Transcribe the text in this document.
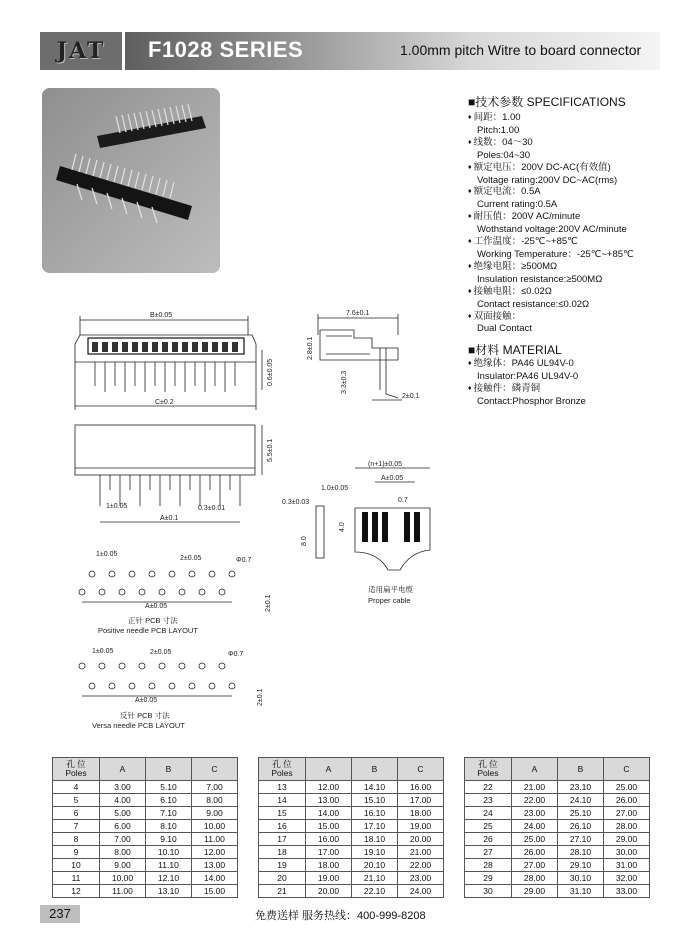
JAT F1028 SERIES	1.00mm pitch Witre to board connector
■技术参数 SPECIFICATIONS
♦ 间距：1.00
Pitch:1.00
♦ 线数：04～30
Poles:04~30
♦ 额定电压：200V DC-AC(有效值)
Voltage rating:200V DC~AC(rms)
♦ 额定电流：0.5A
Current rating:0.5A
♦ 耐压值：200V AC/minute
Wothstand voltage:200V AC/minute
♦ 工作温度：-25℃~+85℃
Working Temperature：-25℃~+85℃
♦ 绝缘电阻：≥500MΩ
Insulation resistance:≥500MΩ
♦ 接触电阻：≤0.02Ω
Contact resistance:≤0.02Ω
♦ 双面接触：
Dual Contact
■材料 MATERIAL
♦ 绝缘体：PA46 UL94V-0
Insulator:PA46 UL94V-0
♦ 接触件：磷青铜
Contact:Phosphor Bronze
B±0.05
C±0.2
0.6±0.05
7.6±0.1
2.8±0.1
3.3±0.3
2±0.1
5.5±0.1
1±0.05	0.3±0.01
A±0.1
(n+1)±0.05
A±0.05
1.0±0.05
0.7
0.3±0.03
8.0
4.0
适用扁平电缆
Proper cable
1±0.05
2±0.05	Φ0.7
A±0.05	2±0.1
正针 PCB 寸法
Positive needle PCB LAYOUT
1±0.05	2±0.05	Φ0.7
A±0.05	2±0.1
反针 PCB 寸法
Versa needle PCB LAYOUT
孔 位
Poles	A	B	C
4	3.00	5.10	7.00
5	4.00	6.10	8.00
6	5.00	7.10	9.00
7	6.00	8.10	10.00
8	7.00	9.10	11.00
9	8.00	10.10	12.00
10	9.00	11.10	13.00
11	10.00	12.10	14.00
12	11.00	13.10	15.00
孔 位
Poles	A	B	C
13	12.00	14.10	16.00
14	13.00	15.10	17.00
15	14.00	16.10	18.00
16	15.00	17.10	19.00
17	16.00	18.10	20.00
18	17.00	19.10	21.00
19	18.00	20.10	22.00
20	19.00	21.10	23.00
21	20.00	22.10	24.00
孔 位
Poles	A	B	C
22	21.00	23.10	25.00
23	22.00	24.10	26.00
24	23.00	25.10	27.00
25	24.00	26.10	28.00
26	25.00	27.10	29.00
27	26.00	28.10	30.00
28	27.00	29.10	31.00
29	28.00	30.10	32.00
30	29.00	31.10	33.00
237	免费送样 服务热线：400-999-8208
